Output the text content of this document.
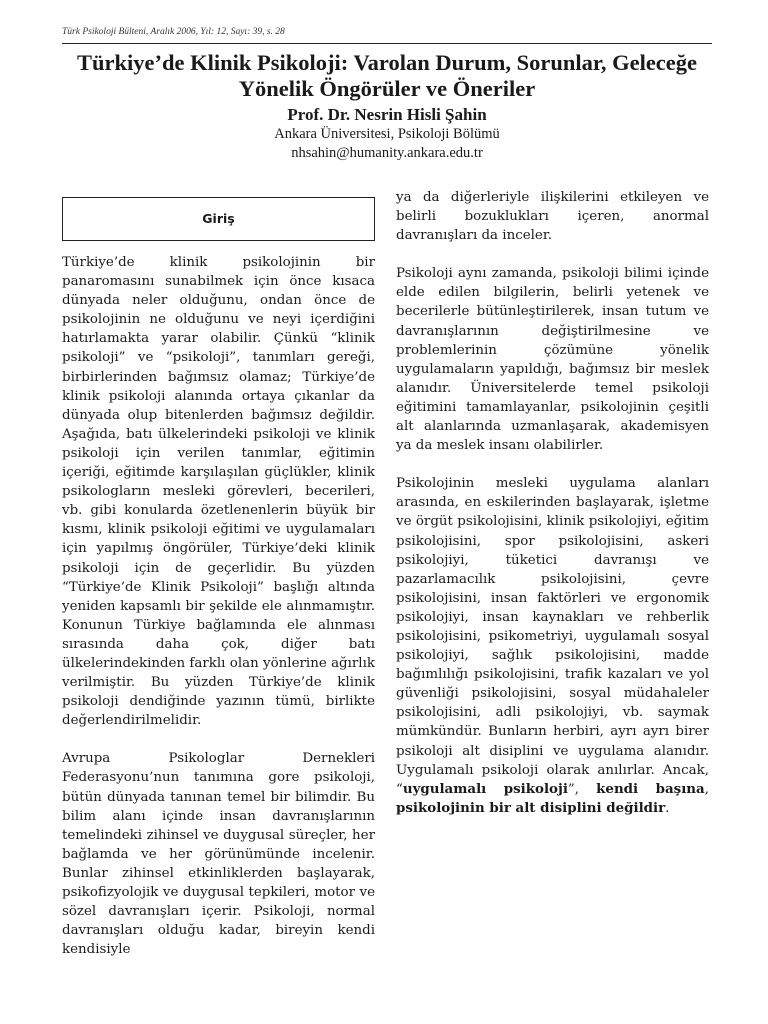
Türk Psikoloji Bülteni, Aralık 2006, Yıl: 12, Sayı: 39, s. 28
Türkiye’de Klinik Psikoloji: Varolan Durum, Sorunlar, Geleceğe Yönelik Öngörüler ve Öneriler
Prof. Dr. Nesrin Hisli Şahin
Ankara Üniversitesi, Psikoloji Bölümü
nhsahin@humanity.ankara.edu.tr
Giriş

Türkiye’de klinik psikolojinin bir panaromasını sunabilmek için önce kısaca dünyada neler olduğunu, ondan önce de psikolojinin ne olduğunu ve neyi içerdiğini hatırlamakta yarar olabilir. Çünkü “klinik psikoloji” ve “psikoloji”, tanımları gereği, birbirlerinden bağımsız olamaz; Türkiye’de klinik psikoloji alanında ortaya çıkanlar da dünyada olup bitenlerden bağımsız değildir. Aşağıda, batı ülkelerindeki psikoloji ve klinik psikoloji için verilen tanımlar, eğitimin içeriği, eğitimde karşılaşılan güçlükler, klinik psikologların mesleki görevleri, becerileri, vb. gibi konularda özetlenenlerin büyük bir kısmı, klinik psikoloji eğitimi ve uygulamaları için yapılmış öngörüler, Türkiye’deki klinik psikoloji için de geçerlidir. Bu yüzden “Türkiye’de Klinik Psikoloji” başlığı altında yeniden kapsamlı bir şekilde ele alınmamıştır. Konunun Türkiye bağlamında ele alınması sırasında daha çok, diğer batı ülkelerindekinden farklı olan yönlerine ağırlık verilmiştir. Bu yüzden Türkiye’de klinik psikoloji dendiğinde yazının tümü, birlikte değerlendirilmelidir.

Avrupa Psikologlar Dernekleri Federasyonu’nun tanımına gore psikoloji, bütün dünyada tanınan temel bir bilimdir. Bu bilim alanı içinde insan davranışlarının temelindeki zihinsel ve duygusal süreçler, her bağlamda ve her görünümünde incelenir. Bunlar zihinsel etkinliklerden başlayarak, psikofizyolojik ve duygusal tepkileri, motor ve sözel davranışları içerir. Psikoloji, normal davranışları olduğu kadar, bireyin kendi kendisiyle

ya da diğerleriyle ilişkilerini etkileyen ve belirli bozuklukları içeren, anormal davranışları da inceler.

Psikoloji aynı zamanda, psikoloji bilimi içinde elde edilen bilgilerin, belirli yetenek ve becerilerle bütünleştirilerek, insan tutum ve davranışlarının değiştirilmesine ve problemlerinin çözümüne yönelik uygulamaların yapıldığı, bağımsız bir meslek alanıdır. Üniversitelerde temel psikoloji eğitimini tamamlayanlar, psikolojinin çeşitli alt alanlarında uzmanlaşarak, akademisyen ya da meslek insanı olabilirler.

Psikolojinin mesleki uygulama alanları arasında, en eskilerinden başlayarak, işletme ve örgüt psikolojisini, klinik psikolojiyi, eğitim psikolojisini, spor psikolojisini, askeri psikolojiyi, tüketici davranışı ve pazarlamacılık psikolojisini, çevre psikolojisini, insan faktörleri ve ergonomik psikolojiyi, insan kaynakları ve rehberlik psikolojisini, psikometriyi, uygulamalı sosyal psikolojiyi, sağlık psikolojisini, madde bağımlılığı psikolojisini, trafik kazaları ve yol güvenliği psikolojisini, sosyal müdahaleler psikolojisini, adli psikolojiyi, vb. saymak mümkündür. Bunların herbiri, ayrı ayrı birer psikoloji alt disiplini ve uygulama alanıdır. Uygulamalı psikoloji olarak anılırlar. Ancak, “uygulamalı psikoloji”, kendi başına, psikolojinin bir alt disiplini değildir.
